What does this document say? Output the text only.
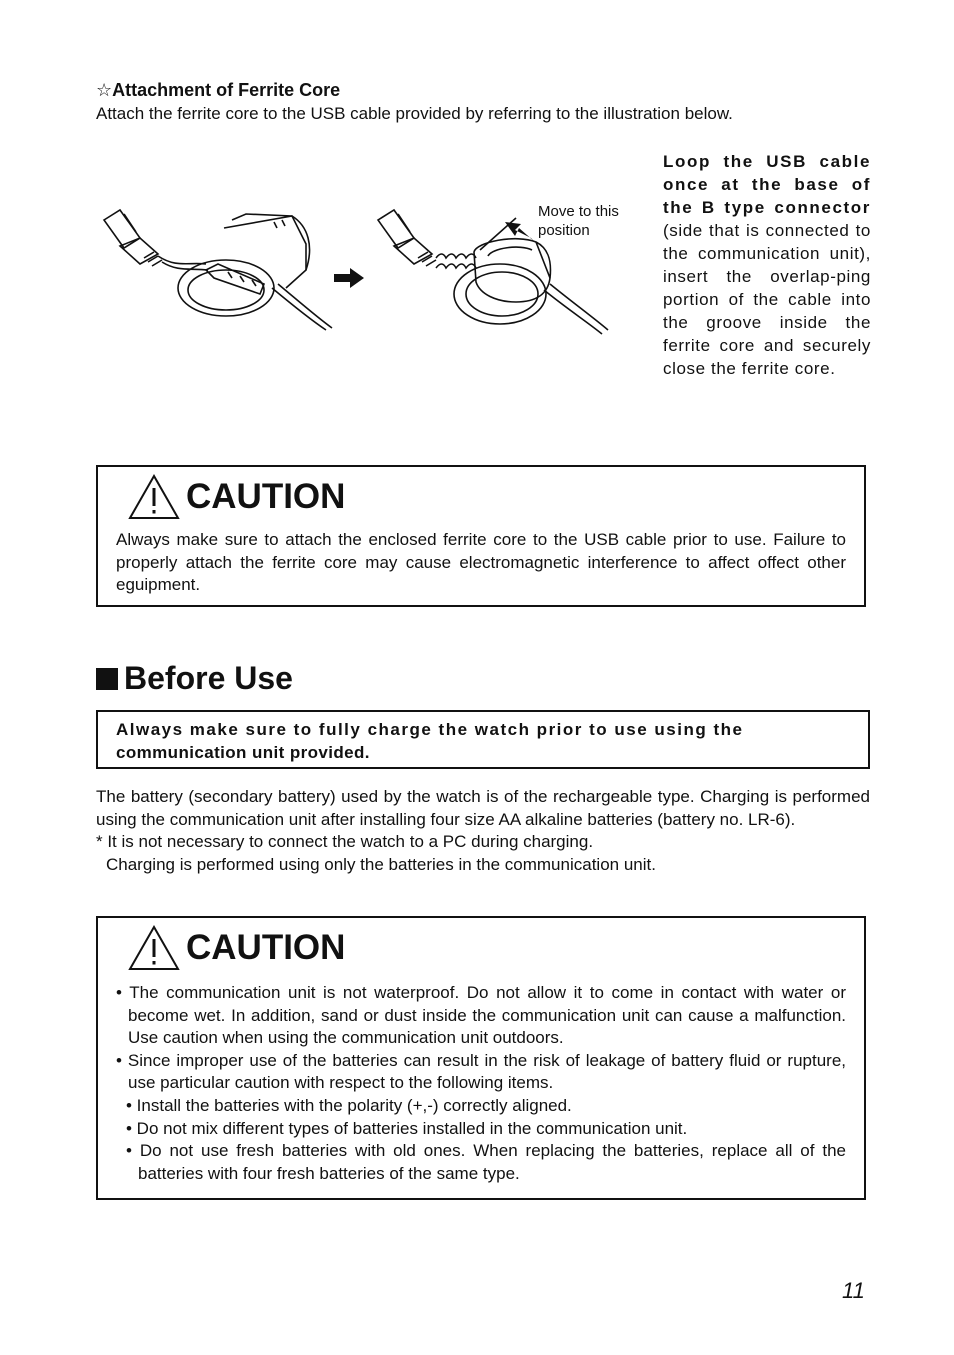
☆Attachment of Ferrite Core
Attach the ferrite core to the USB cable provided by referring to the illustration below.
Move to this
position
Loop the USB cable once at the base of the B type connector (side that is connected to the communication unit), insert the overlap-ping portion of the cable into the groove inside the ferrite core and securely close the ferrite core.
CAUTION
Always make sure to attach the enclosed ferrite core to the USB cable prior to use. Failure to properly attach the ferrite core may cause electromagnetic interference to affect offect other eguipment.
Before Use
Always make sure to fully charge the watch prior to use using the
communication unit provided.
The battery (secondary battery) used by the watch is of the rechargeable type. Charging is performed using the communication unit after installing four size AA alkaline batteries (battery no. LR-6).
* It is not necessary to connect the watch to a PC during charging.
Charging is performed using only the batteries in the communication unit.
CAUTION
• The communication unit is not waterproof. Do not allow it to come in contact with water or become wet. In addition, sand or dust inside the communication unit can cause a malfunction. Use caution when using the communication unit outdoors.
• Since improper use of the batteries can result in the risk of leakage of battery fluid or rupture, use particular caution with respect to the following items.
• Install the batteries with the polarity (+,-) correctly aligned.
• Do not mix different types of batteries installed in the communication unit.
• Do not use fresh batteries with old ones. When replacing the batteries, replace all of the batteries with four fresh batteries of the same type.
11
